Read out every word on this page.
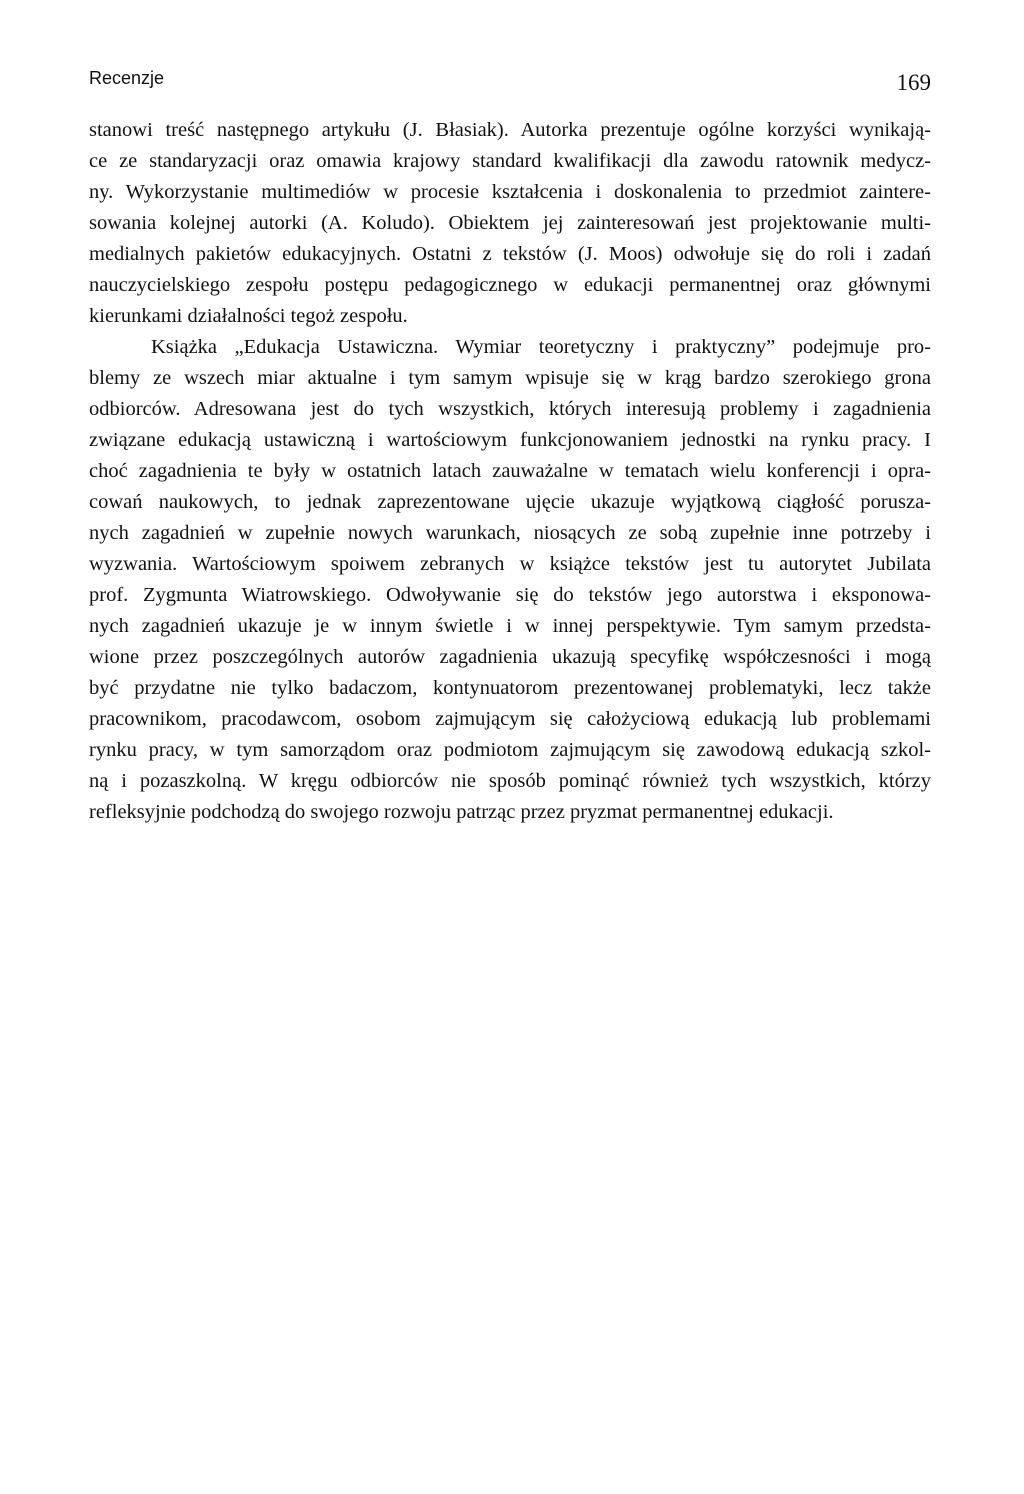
Recenzje	169
stanowi treść następnego artykułu (J. Błasiak). Autorka prezentuje ogólne korzyści wynikają-
ce ze standaryzacji oraz omawia krajowy standard kwalifikacji dla zawodu ratownik medycz-
ny. Wykorzystanie multimediów w procesie kształcenia i doskonalenia to przedmiot zaintere-
sowania kolejnej autorki (A. Koludo). Obiektem jej zainteresowań jest projektowanie multi-
medialnych pakietów edukacyjnych. Ostatni z tekstów (J. Moos) odwołuje się do roli i zadań
nauczycielskiego zespołu postępu pedagogicznego w edukacji permanentnej oraz głównymi
kierunkami działalności tegoż zespołu.
Książka „Edukacja Ustawiczna. Wymiar teoretyczny i praktyczny” podejmuje pro-
blemy ze wszech miar aktualne i tym samym wpisuje się w krąg bardzo szerokiego grona
odbiorców. Adresowana jest do tych wszystkich, których interesują problemy i zagadnienia
związane edukacją ustawiczną i wartościowym funkcjonowaniem jednostki na rynku pracy. I
choć zagadnienia te były w ostatnich latach zauważalne w tematach wielu konferencji i opra-
cowań naukowych, to jednak zaprezentowane ujęcie ukazuje wyjątkową ciągłość porusza-
nych zagadnień w zupełnie nowych warunkach, niosących ze sobą zupełnie inne potrzeby i
wyzwania. Wartościowym spoiwem zebranych w książce tekstów jest tu autorytet Jubilata
prof. Zygmunta Wiatrowskiego. Odwoływanie się do tekstów jego autorstwa i eksponowa-
nych zagadnień ukazuje je w innym świetle i w innej perspektywie. Tym samym przedsta-
wione przez poszczególnych autorów zagadnienia ukazują specyfikę współczesności i mogą
być przydatne nie tylko badaczom, kontynuatorom prezentowanej problematyki, lecz także
pracownikom, pracodawcom, osobom zajmującym się całożyciową edukacją lub problemami
rynku pracy, w tym samorządom oraz podmiotom zajmującym się zawodową edukacją szkol-
ną i pozaszkolną. W kręgu odbiorców nie sposób pominąć również tych wszystkich, którzy
refleksyjnie podchodzą do swojego rozwoju patrząc przez pryzmat permanentnej edukacji.
